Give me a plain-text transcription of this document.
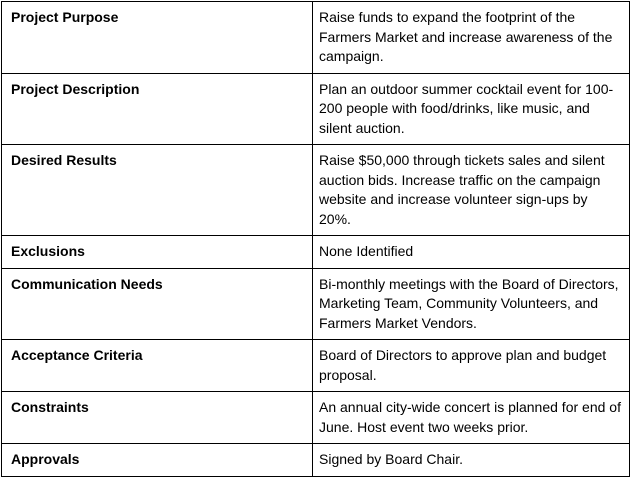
Project Purpose	Raise funds to expand the footprint of the Farmers Market and increase awareness of the campaign.
Project Description	Plan an outdoor summer cocktail event for 100-200 people with food/drinks, like music, and silent auction.
Desired Results	Raise $50,000 through tickets sales and silent auction bids. Increase traffic on the campaign website and increase volunteer sign-ups by 20%.
Exclusions	None Identified
Communication Needs	Bi-monthly meetings with the Board of Directors, Marketing Team, Community Volunteers, and Farmers Market Vendors.
Acceptance Criteria	Board of Directors to approve plan and budget proposal.
Constraints	An annual city-wide concert is planned for end of June. Host event two weeks prior.
Approvals	Signed by Board Chair.
